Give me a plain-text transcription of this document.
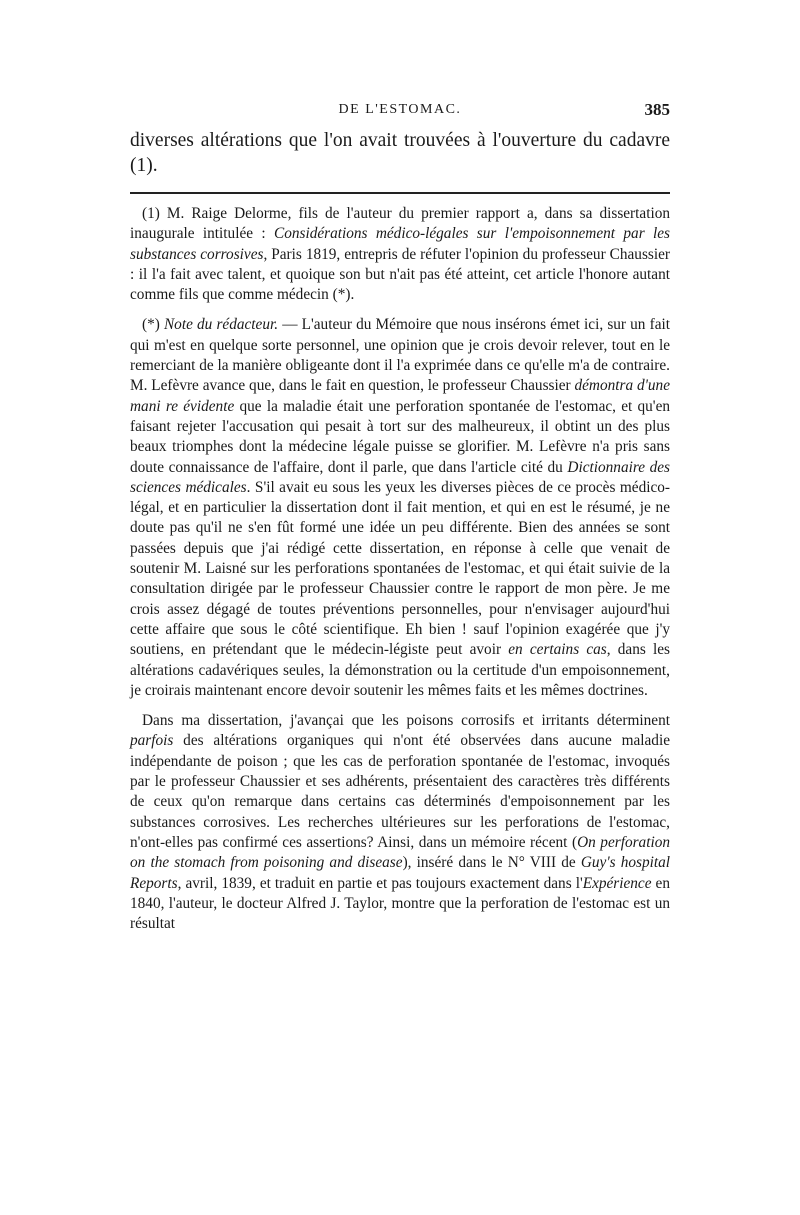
DE L'ESTOMAC.	385

diverses altérations que l'on avait trouvées à l'ouverture du cadavre (1).

(1) M. Raige Delorme, fils de l'auteur du premier rapport a, dans sa dissertation inaugurale intitulée : Considérations médico-légales sur l'empoisonnement par les substances corrosives, Paris 1819, entrepris de réfuter l'opinion du professeur Chaussier : il l'a fait avec talent, et quoique son but n'ait pas été atteint, cet article l'honore autant comme fils que comme médecin (*).

(*) Note du rédacteur. — L'auteur du Mémoire que nous insérons émet ici, sur un fait qui m'est en quelque sorte personnel, une opinion que je crois devoir relever, tout en le remerciant de la manière obligeante dont il l'a exprimée dans ce qu'elle m'a de contraire. M. Lefèvre avance que, dans le fait en question, le professeur Chaussier démontra d'une mani re évidente que la maladie était une perforation spontanée de l'estomac, et qu'en faisant rejeter l'accusation qui pesait à tort sur des malheureux, il obtint un des plus beaux triomphes dont la médecine légale puisse se glorifier. M. Lefèvre n'a pris sans doute connaissance de l'affaire, dont il parle, que dans l'article cité du Dictionnaire des sciences médicales. S'il avait eu sous les yeux les diverses pièces de ce procès médico-légal, et en particulier la dissertation dont il fait mention, et qui en est le résumé, je ne doute pas qu'il ne s'en fût formé une idée un peu différente. Bien des années se sont passées depuis que j'ai rédigé cette dissertation, en réponse à celle que venait de soutenir M. Laisné sur les perforations spontanées de l'estomac, et qui était suivie de la consultation dirigée par le professeur Chaussier contre le rapport de mon père. Je me crois assez dégagé de toutes préventions personnelles, pour n'envisager aujourd'hui cette affaire que sous le côté scientifique. Eh bien ! sauf l'opinion exagérée que j'y soutiens, en prétendant que le médecin-légiste peut avoir en certains cas, dans les altérations cadavériques seules, la démonstration ou la certitude d'un empoisonnement, je croirais maintenant encore devoir soutenir les mêmes faits et les mêmes doctrines.

Dans ma dissertation, j'avançai que les poisons corrosifs et irritants déterminent parfois des altérations organiques qui n'ont été observées dans aucune maladie indépendante de poison ; que les cas de perforation spontanée de l'estomac, invoqués par le professeur Chaussier et ses adhérents, présentaient des caractères très différents de ceux qu'on remarque dans certains cas déterminés d'empoisonnement par les substances corrosives. Les recherches ultérieures sur les perforations de l'estomac, n'ont-elles pas confirmé ces assertions? Ainsi, dans un mémoire récent (On perforation on the stomach from poisoning and disease), inséré dans le N° VIII de Guy's hospital Reports, avril, 1839, et traduit en partie et pas toujours exactement dans l'Expérience en 1840, l'auteur, le docteur Alfred J. Taylor, montre que la perforation de l'estomac est un résultat
